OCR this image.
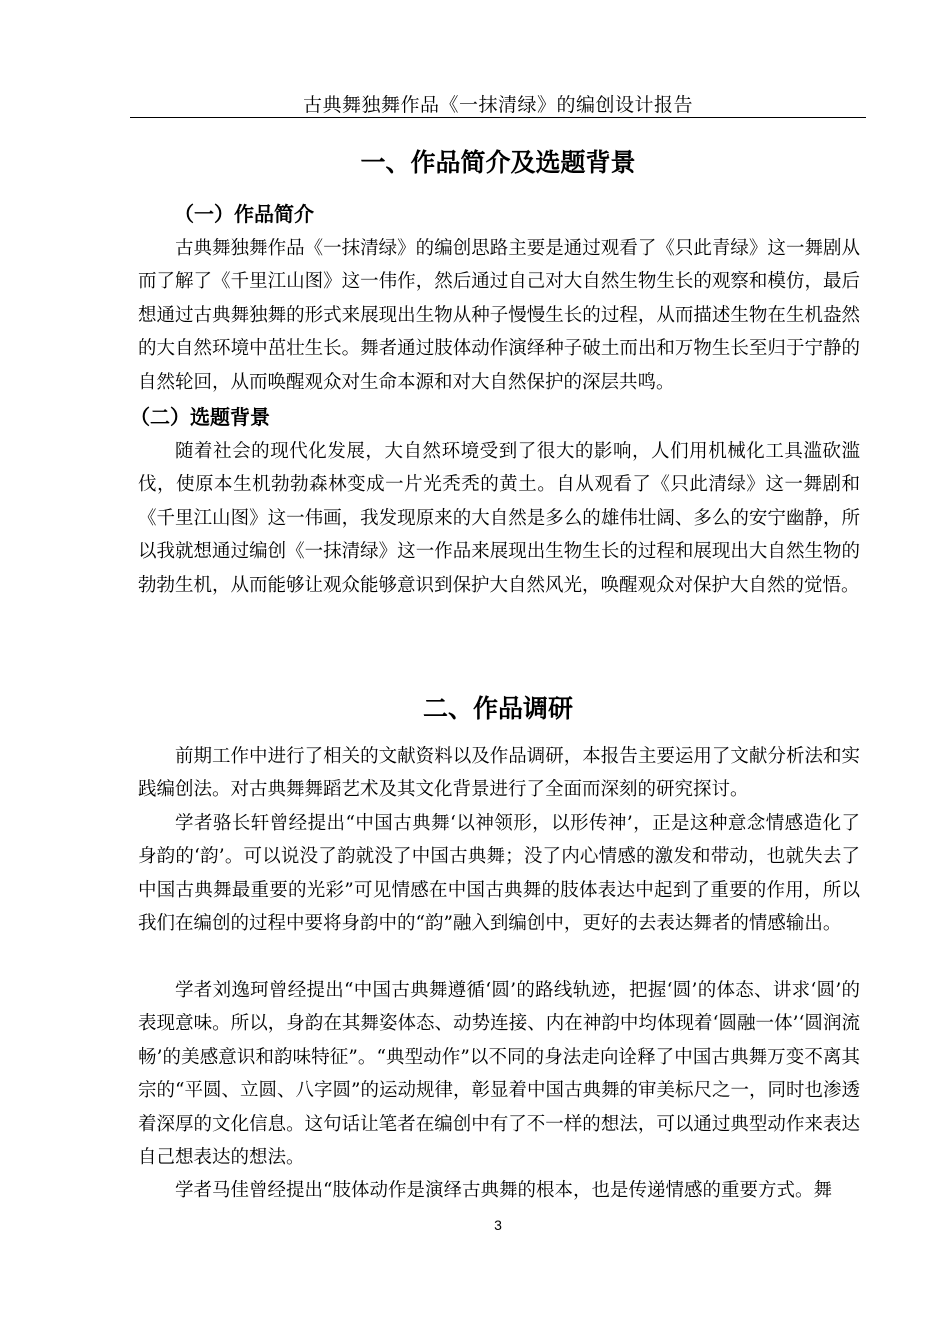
古典舞独舞作品《一抹清绿》的编创设计报告
一、作品简介及选题背景
（一）作品简介

古典舞独舞作品《一抹清绿》的编创思路主要是通过观看了《只此青绿》这一舞剧从而了解了《千里江山图》这一伟作，然后通过自己对大自然生物生长的观察和模仿，最后想通过古典舞独舞的形式来展现出生物从种子慢慢生长的过程，从而描述生物在生机盎然的大自然环境中茁壮生长。舞者通过肢体动作演绎种子破土而出和万物生长至归于宁静的自然轮回，从而唤醒观众对生命本源和对大自然保护的深层共鸣。

（二）选题背景

随着社会的现代化发展，大自然环境受到了很大的影响，人们用机械化工具滥砍滥伐，使原本生机勃勃森林变成一片光秃秃的黄土。自从观看了《只此清绿》这一舞剧和《千里江山图》这一伟画，我发现原来的大自然是多么的雄伟壮阔、多么的安宁幽静，所以我就想通过编创《一抹清绿》这一作品来展现出生物生长的过程和展现出大自然生物的勃勃生机，从而能够让观众能够意识到保护大自然风光，唤醒观众对保护大自然的觉悟。

二、作品调研

前期工作中进行了相关的文献资料以及作品调研，本报告主要运用了文献分析法和实践编创法。对古典舞舞蹈艺术及其文化背景进行了全面而深刻的研究探讨。

学者骆长轩曾经提出“中国古典舞‘以神领形，以形传神’，正是这种意念情感造化了身韵的‘韵’。可以说没了韵就没了中国古典舞；没了内心情感的激发和带动，也就失去了中国古典舞最重要的光彩”可见情感在中国古典舞的肢体表达中起到了重要的作用，所以我们在编创的过程中要将身韵中的“韵”融入到编创中，更好的去表达舞者的情感输出。

学者刘逸珂曾经提出“中国古典舞遵循‘圆’的路线轨迹，把握‘圆’的体态、讲求‘圆’的表现意味。所以，身韵在其舞姿体态、动势连接、内在神韵中均体现着‘圆融一体’‘圆润流畅’的美感意识和韵味特征”。“典型动作”以不同的身法走向诠释了中国古典舞万变不离其宗的“平圆、立圆、八字圆”的运动规律，彰显着中国古典舞的审美标尺之一，同时也渗透着深厚的文化信息。这句话让笔者在编创中有了不一样的想法，可以通过典型动作来表达自己想表达的想法。

学者马佳曾经提出“肢体动作是演绎古典舞的根本，也是传递情感的重要方式。舞

3
